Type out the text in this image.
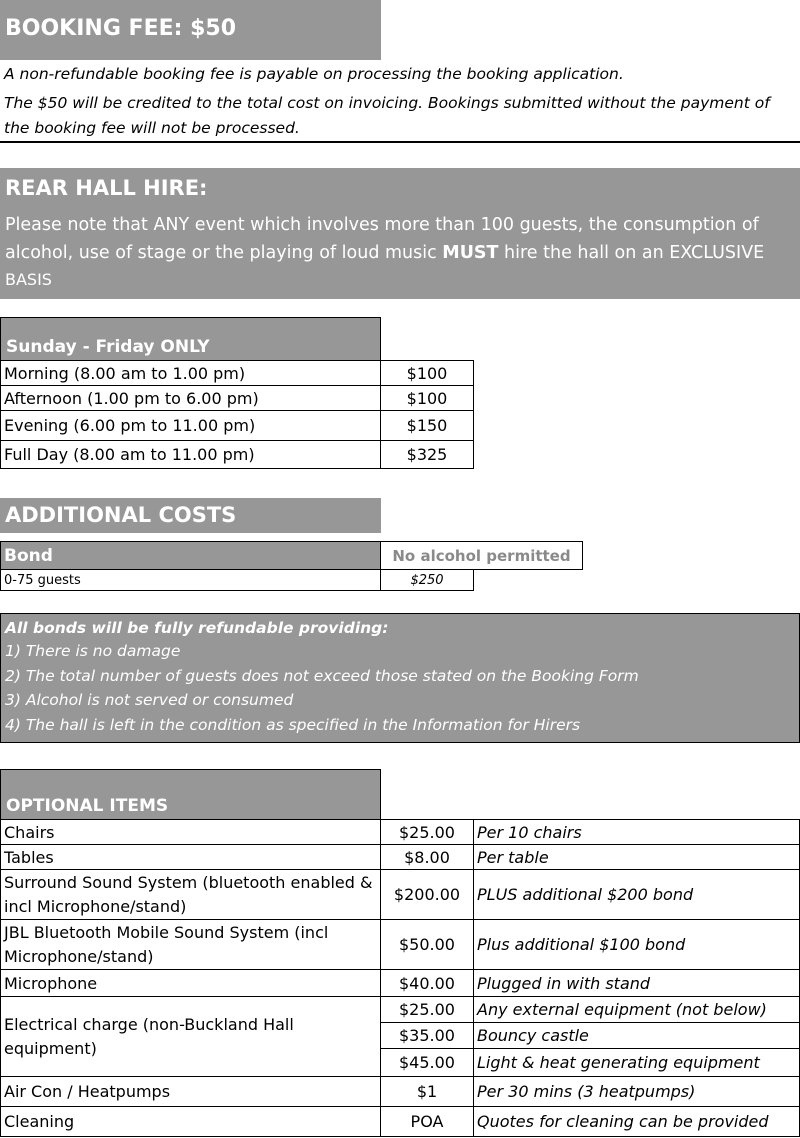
BOOKING FEE: $50
A non-refundable booking fee is payable on processing the booking application.
The $50 will be credited to the total cost on invoicing. Bookings submitted without the payment of
the booking fee will not be processed.
REAR HALL HIRE:
Please note that ANY event which involves more than 100 guests, the consumption of
alcohol, use of stage or the playing of loud music MUST hire the hall on an EXCLUSIVE
BASIS
Sunday - Friday ONLY
Morning (8.00 am to 1.00 pm)	$100
Afternoon (1.00 pm to 6.00 pm)	$100
Evening (6.00 pm to 11.00 pm)	$150
Full Day (8.00 am to 11.00 pm)	$325
ADDITIONAL COSTS
Bond	No alcohol permitted
0-75 guests	$250
All bonds will be fully refundable providing:
1) There is no damage
2) The total number of guests does not exceed those stated on the Booking Form
3) Alcohol is not served or consumed
4) The hall is left in the condition as specified in the Information for Hirers
OPTIONAL ITEMS
Chairs	$25.00	Per 10 chairs
Tables	$8.00	Per table
Surround Sound System (bluetooth enabled &
incl Microphone/stand)
$200.00	PLUS additional $200 bond
JBL Bluetooth Mobile Sound System (incl
Microphone/stand)
$50.00	Plus additional $100 bond
Microphone	$40.00	Plugged in with stand
Electrical charge (non-Buckland Hall
equipment)
$25.00	Any external equipment (not below)
$35.00	Bouncy castle
$45.00	Light & heat generating equipment
Air Con / Heatpumps	$1	Per 30 mins (3 heatpumps)
Cleaning	POA	Quotes for cleaning can be provided
